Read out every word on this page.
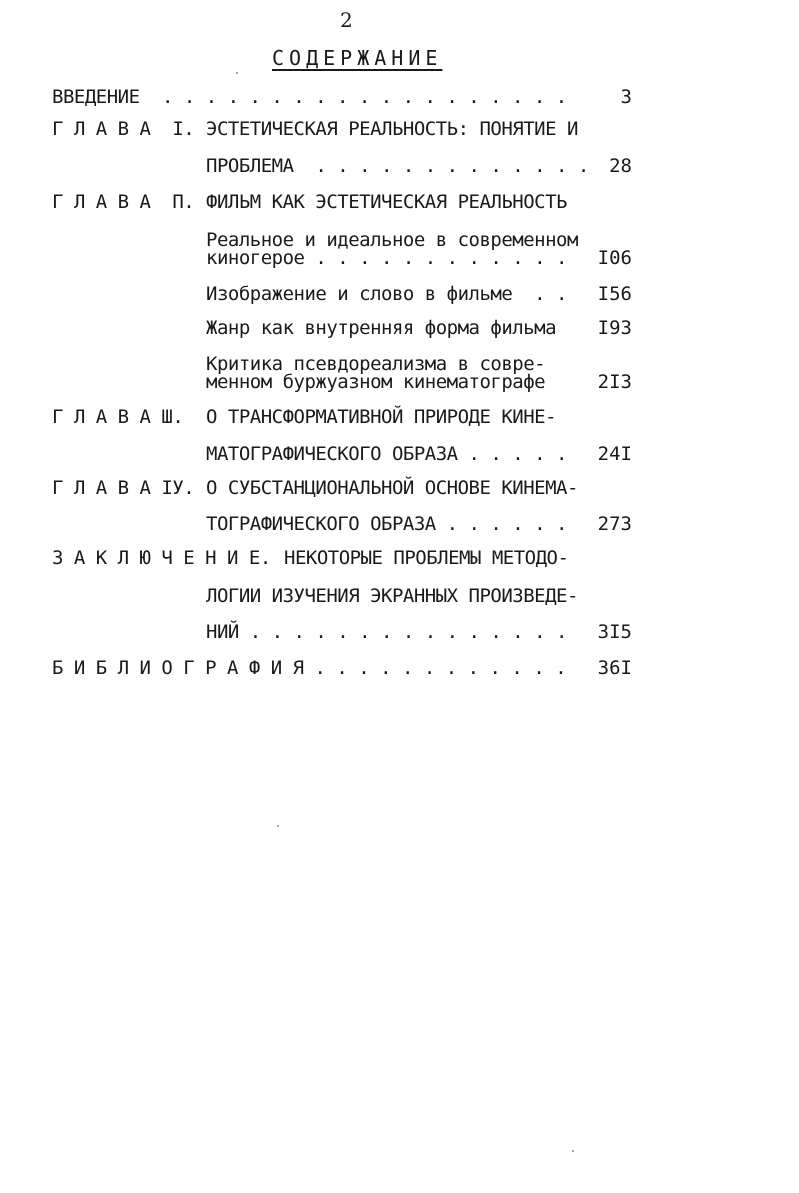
2
СОДЕРЖАНИЕ
ВВЕДЕНИЕ . . . . . . . . . . . . . . . . . . .	3
Г Л А В А  I. ЭСТЕТИЧЕСКАЯ РЕАЛЬНОСТЬ: ПОНЯТИЕ И
ПРОБЛЕМА  . . . . . . . . . . . . .	28
Г Л А В А  П. ФИЛЬМ КАК ЭСТЕТИЧЕСКАЯ РЕАЛЬНОСТЬ
Реальное и идеальное в современном
киногерое . . . . . . . . . . . .	I06
Изображение и слово в фильме  . .	I56
Жанр как внутренняя форма фильма	I93
Критика псевдореализма в совре-
менном буржуазном кинематографе	2I3
Г Л А В А Ш. О ТРАНСФОРМАТИВНОЙ ПРИРОДЕ КИНЕ-
МАТОГРАФИЧЕСКОГО ОБРАЗА . . . . .	24I
Г Л А В А IУ. О СУБСТАНЦИОНАЛЬНОЙ ОСНОВЕ КИНЕМА-
ТОГРАФИЧЕСКОГО ОБРАЗА . . . . . .	273
З А К Л Ю Ч Е Н И Е. НЕКОТОРЫЕ ПРОБЛЕМЫ МЕТОДО-
ЛОГИИ ИЗУЧЕНИЯ ЭКРАННЫХ ПРОИЗВЕДЕ-
НИЙ . . . . . . . . . . . . . . .	3I5
Б И Б Л И О Г Р А Ф И Я . . . . . . . . . . . .	36I
